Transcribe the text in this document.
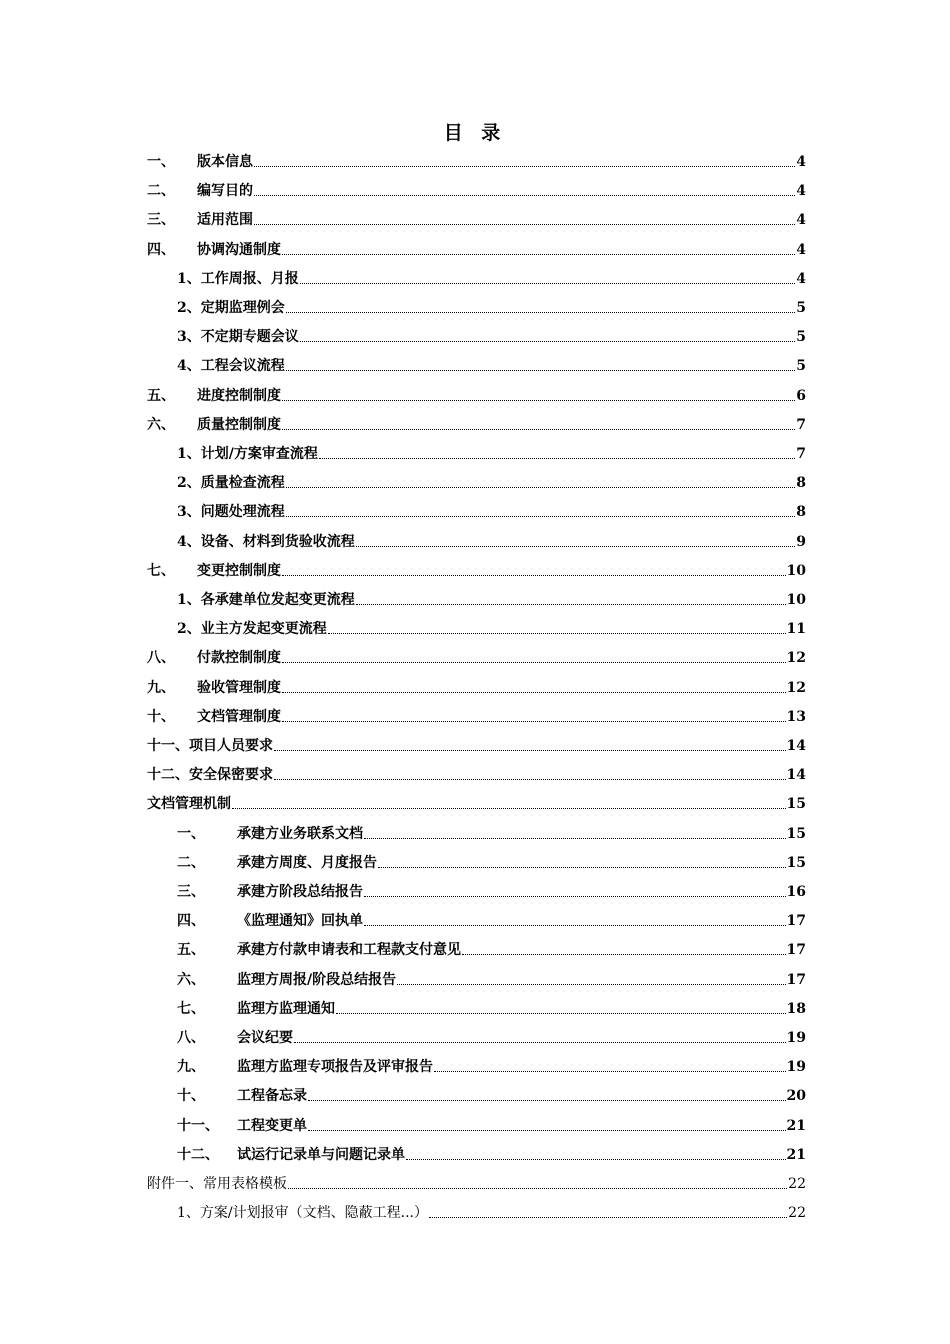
目 录
一、	版本信息	4
二、	编写目的	4
三、	适用范围	4
四、	协调沟通制度	4
1、工作周报、月报	4
2、定期监理例会	5
3、不定期专题会议	5
4、工程会议流程	5
五、	进度控制制度	6
六、	质量控制制度	7
1、计划/方案审查流程	7
2、质量检查流程	8
3、问题处理流程	8
4、设备、材料到货验收流程	9
七、	变更控制制度	10
1、各承建单位发起变更流程	10
2、业主方发起变更流程	11
八、	付款控制制度	12
九、	验收管理制度	12
十、	文档管理制度	13
十一、项目人员要求	14
十二、安全保密要求	14
文档管理机制	15
一、	承建方业务联系文档	15
二、	承建方周度、月度报告	15
三、	承建方阶段总结报告	16
四、	《监理通知》回执单	17
五、	承建方付款申请表和工程款支付意见	17
六、	监理方周报/阶段总结报告	17
七、	监理方监理通知	18
八、	会议纪要	19
九、	监理方监理专项报告及评审报告	19
十、	工程备忘录	20
十一、	工程变更单	21
十二、	试运行记录单与问题记录单	21
附件一、常用表格模板	22
1、方案/计划报审（文档、隐蔽工程...）	22
